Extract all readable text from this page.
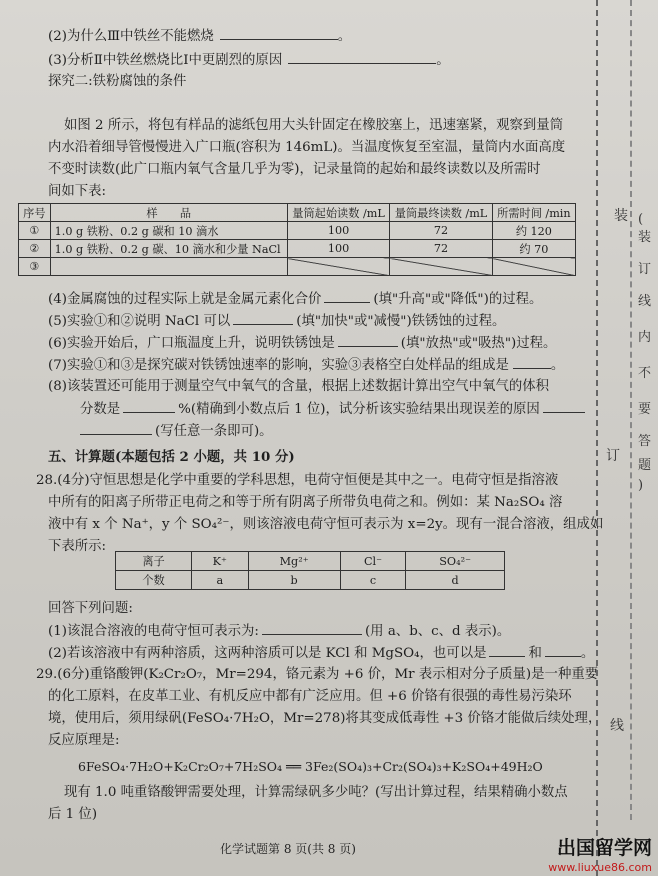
(2)为什么Ⅲ中铁丝不能燃烧	。
(3)分析Ⅱ中铁丝燃烧比Ⅰ中更剧烈的原因	。
探究二:铁粉腐蚀的条件
如图 2 所示，将包有样品的滤纸包用大头针固定在橡胶塞上，迅速塞紧，观察到量筒
内水沿着细导管慢慢进入广口瓶(容积为 146mL)。当温度恢复至室温，量筒内水面高度
不变时读数(此广口瓶内氧气含量几乎为零)，记录量筒的起始和最终读数以及所需时
间如下表:
序号	样　　品	量筒起始读数 /mL	量筒最终读数 /mL	所需时间 /min
①	1.0 g 铁粉、0.2 g 碳和 10 滴水	100	72	约 120
②	1.0 g 铁粉、0.2 g 碳、10 滴水和少量 NaCl	100	72	约 70
③				
(4)金属腐蚀的过程实际上就是金属元素化合价	(填"升高"或"降低")的过程。
(5)实验①和②说明 NaCl 可以	(填"加快"或"减慢")铁锈蚀的过程。
(6)实验开始后，广口瓶温度上升，说明铁锈蚀是	(填"放热"或"吸热")过程。
(7)实验①和③是探究碳对铁锈蚀速率的影响，实验③表格空白处样品的组成是	。
(8)该装置还可能用于测量空气中氧气的含量，根据上述数据计算出空气中氧气的体积
分数是	%(精确到小数点后 1 位)，试分析该实验结果出现误差的原因
(写任意一条即可)。
五、计算题(本题包括 2 小题，共 10 分)
28.(4分)守恒思想是化学中重要的学科思想，电荷守恒便是其中之一。电荷守恒是指溶液
中所有的阳离子所带正电荷之和等于所有阴离子所带负电荷之和。例如：某 Na₂SO₄ 溶
液中有 x 个 Na⁺，y 个 SO₄²⁻，则该溶液电荷守恒可表示为 x=2y。现有一混合溶液，组成如
下表所示:
离子	K⁺	Mg²⁺	Cl⁻	SO₄²⁻
个数	a	b	c	d
回答下列问题:
(1)该混合溶液的电荷守恒可表示为:	(用 a、b、c、d 表示)。
(2)若该溶液中有两种溶质，这两种溶质可以是 KCl 和 MgSO₄，也可以是	和	。
29.(6分)重铬酸钾(K₂Cr₂O₇，Mr=294，铬元素为 +6 价，Mr 表示相对分子质量)是一种重要
的化工原料，在皮革工业、有机反应中都有广泛应用。但 +6 价铬有很强的毒性易污染环
境，使用后，须用绿矾(FeSO₄·7H₂O，Mr=278)将其变成低毒性 +3 价铬才能做后续处理，
反应原理是:
6FeSO₄·7H₂O+K₂Cr₂O₇+7H₂SO₄ ══ 3Fe₂(SO₄)₃+Cr₂(SO₄)₃+K₂SO₄+49H₂O
现有 1.0 吨重铬酸钾需要处理，计算需绿矾多少吨？(写出计算过程，结果精确小数点
后 1 位)
装
订
线
(
装
订
线
内
不
要
答
题
)
化学试题第 8 页(共 8 页)	出国留学网
www.liuxue86.com
